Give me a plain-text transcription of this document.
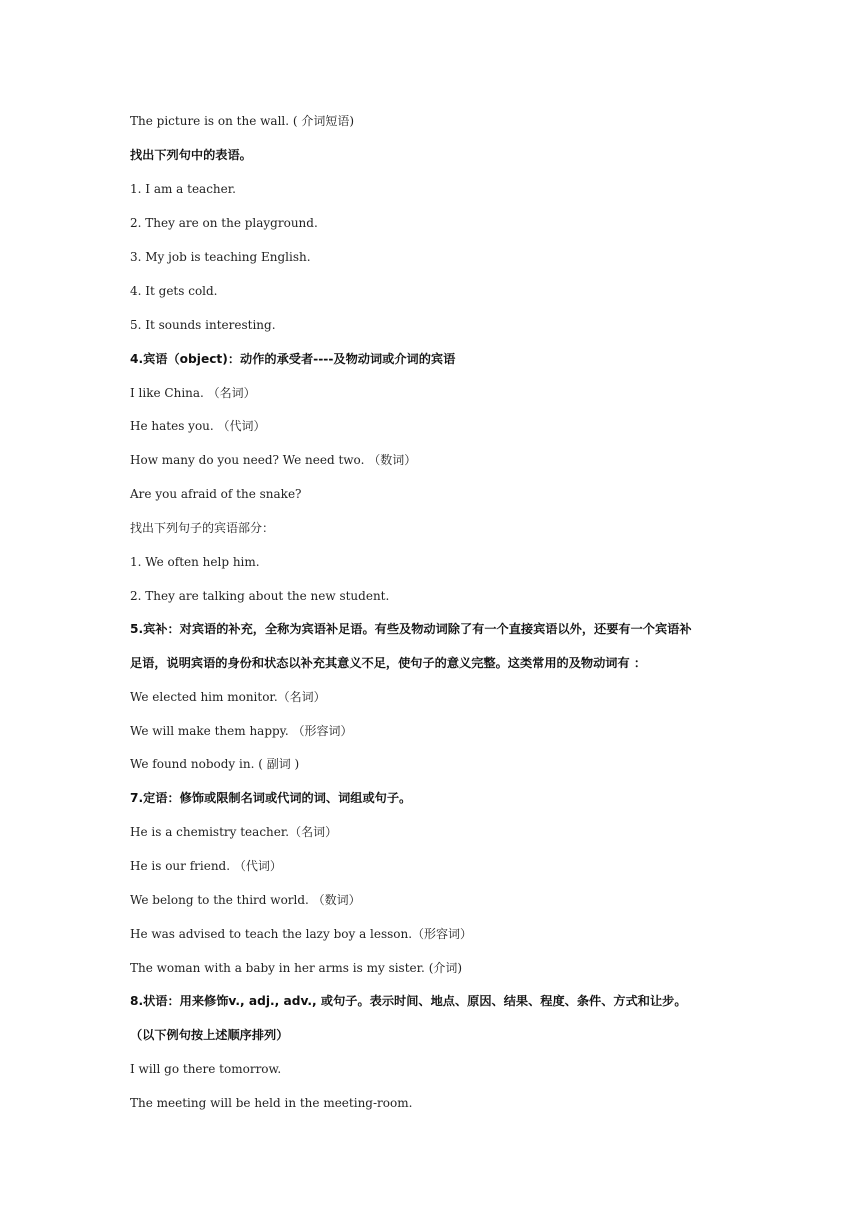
The picture is on the wall. ( 介词短语)
找出下列句中的表语。
1. I am a teacher.
2. They are on the playground.
3. My job is teaching English.
4. It gets cold.
5. It sounds interesting.
4.宾语（object)：动作的承受者----及物动词或介词的宾语
I like China. （名词）
He hates you. （代词）
How many do you need? We need two. （数词）
Are you afraid of the snake?
找出下列句子的宾语部分：
1. We often help him.
2. They are talking about the new student.
5.宾补：对宾语的补充，全称为宾语补足语。有些及物动词除了有一个直接宾语以外，还要有一个宾语补
足语，说明宾语的身份和状态以补充其意义不足，使句子的意义完整。这类常用的及物动词有 ：
We elected him monitor.（名词）
We will make them happy. （形容词）
We found nobody in. ( 副词 )
7.定语：修饰或限制名词或代词的词、词组或句子。
He is a chemistry teacher.（名词）
He is our friend. （代词）
We belong to the third world. （数词）
He was advised to teach the lazy boy a lesson.（形容词）
The woman with a baby in her arms is my sister. (介词)
8.状语：用来修饰v., adj., adv., 或句子。表示时间、地点、原因、结果、程度、条件、方式和让步。
（以下例句按上述顺序排列）
I will go there tomorrow.
The meeting will be held in the meeting-room.
